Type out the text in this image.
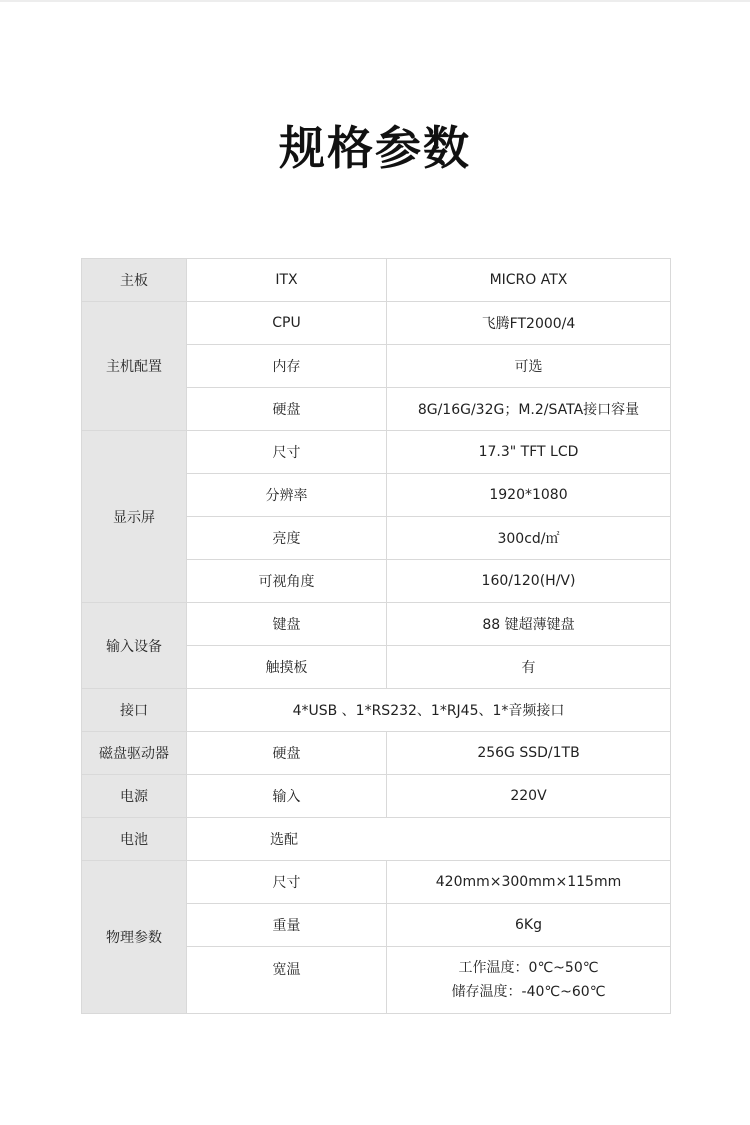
规格参数
主板	ITX	MICRO ATX
主机配置	CPU	飞腾FT2000/4
	内存	可选
	硬盘	8G/16G/32G；M.2/SATA接口容量
显示屏	尺寸	17.3" TFT LCD
	分辨率	1920*1080
	亮度	300cd/㎡
	可视角度	160/120(H/V)
输入设备	键盘	88 键超薄键盘
	触摸板	有
接口	4*USB 、1*RS232、1*RJ45、1*音频接口	
磁盘驱动器	硬盘	256G SSD/1TB
电源	输入	220V
电池	选配	
物理参数	尺寸	420mm×300mm×115mm
	重量	6Kg
	宽温	工作温度：0℃~50℃
储存温度：-40℃~60℃
